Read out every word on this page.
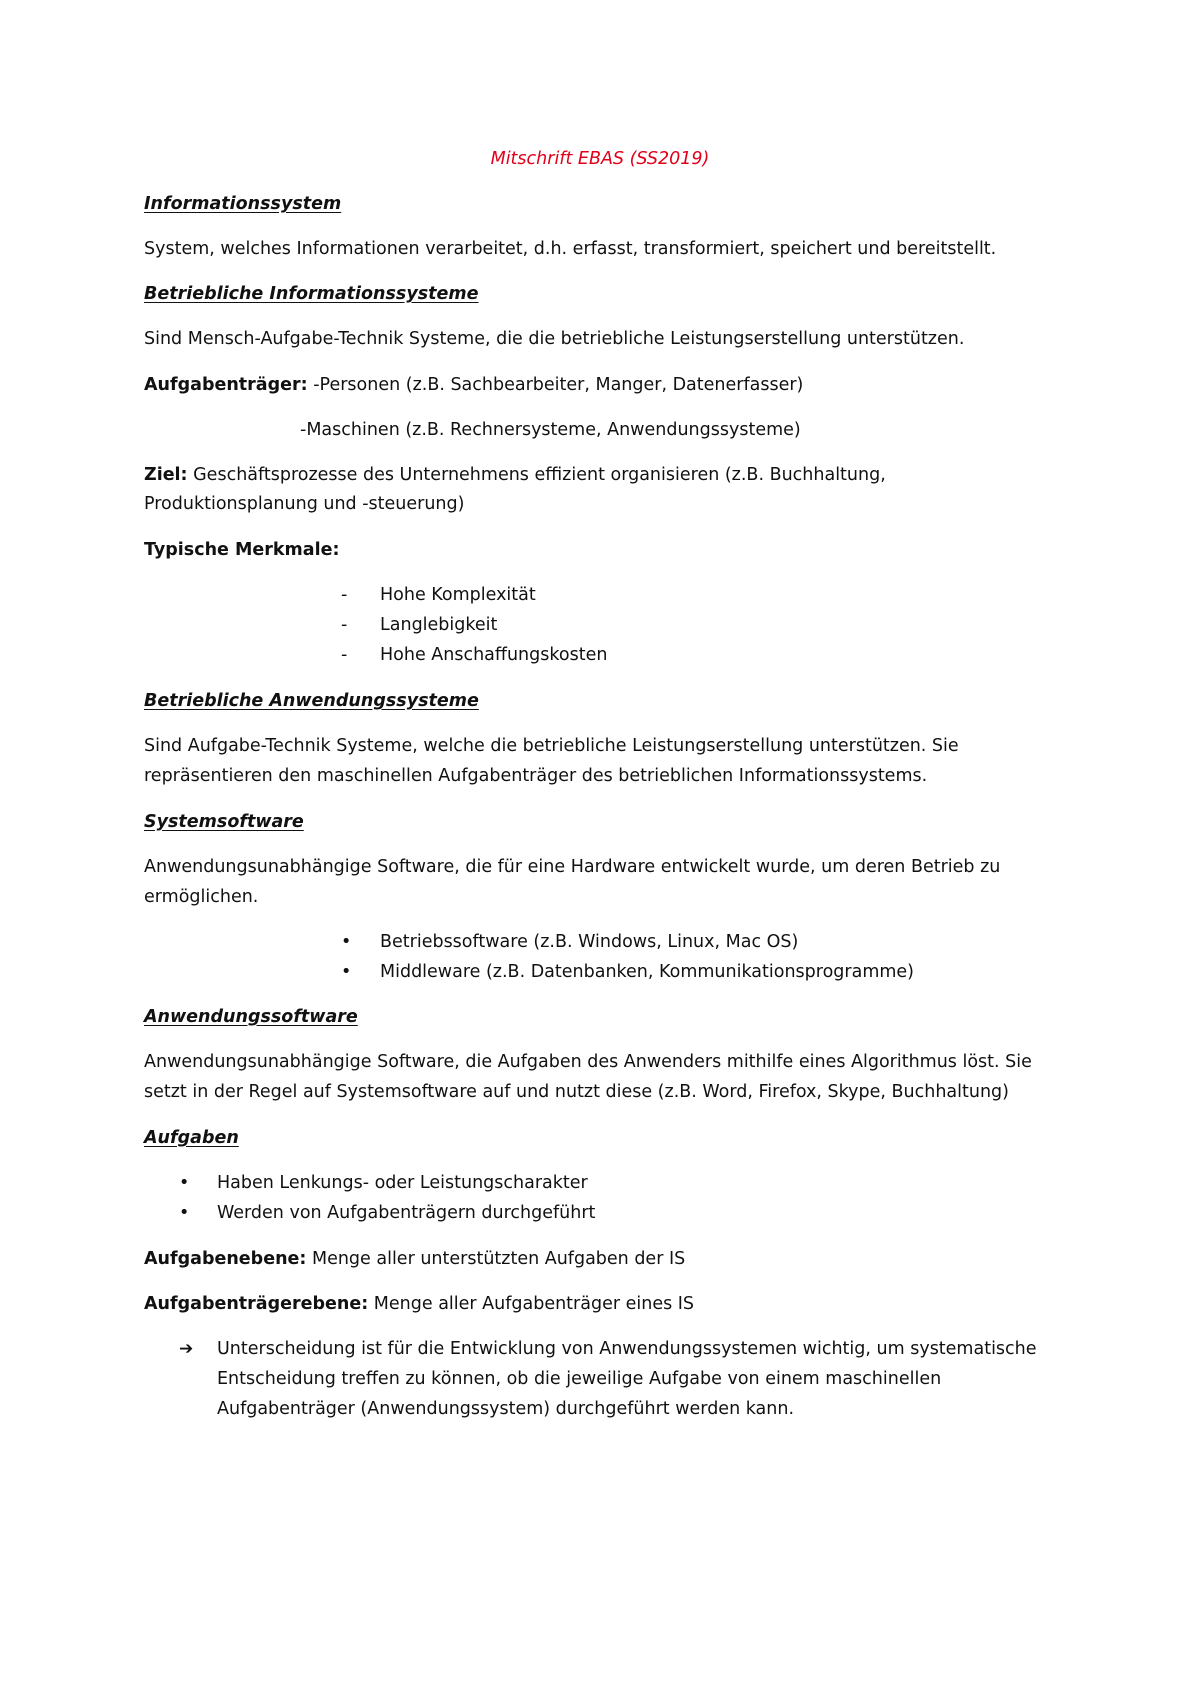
Mitschrift EBAS (SS2019)
Informationssystem
System, welches Informationen verarbeitet, d.h. erfasst, transformiert, speichert und bereitstellt.
Betriebliche Informationssysteme
Sind Mensch-Aufgabe-Technik Systeme, die die betriebliche Leistungserstellung unterstützen.
Aufgabenträger: -Personen (z.B. Sachbearbeiter, Manger, Datenerfasser)
-Maschinen (z.B. Rechnersysteme, Anwendungssysteme)
Ziel: Geschäftsprozesse des Unternehmens effizient organisieren (z.B. Buchhaltung,
Produktionsplanung und -steuerung)
Typische Merkmale:
- Hohe Komplexität
- Langlebigkeit
- Hohe Anschaffungskosten
Betriebliche Anwendungssysteme
Sind Aufgabe-Technik Systeme, welche die betriebliche Leistungserstellung unterstützen. Sie
repräsentieren den maschinellen Aufgabenträger des betrieblichen Informationssystems.
Systemsoftware
Anwendungsunabhängige Software, die für eine Hardware entwickelt wurde, um deren Betrieb zu
ermöglichen.
• Betriebssoftware (z.B. Windows, Linux, Mac OS)
• Middleware (z.B. Datenbanken, Kommunikationsprogramme)
Anwendungssoftware
Anwendungsunabhängige Software, die Aufgaben des Anwenders mithilfe eines Algorithmus löst. Sie
setzt in der Regel auf Systemsoftware auf und nutzt diese (z.B. Word, Firefox, Skype, Buchhaltung)
Aufgaben
• Haben Lenkungs- oder Leistungscharakter
• Werden von Aufgabenträgern durchgeführt
Aufgabenebene: Menge aller unterstützten Aufgaben der IS
Aufgabenträgerebene: Menge aller Aufgabenträger eines IS
➔ Unterscheidung ist für die Entwicklung von Anwendungssystemen wichtig, um systematische
Entscheidung treffen zu können, ob die jeweilige Aufgabe von einem maschinellen
Aufgabenträger (Anwendungssystem) durchgeführt werden kann.
